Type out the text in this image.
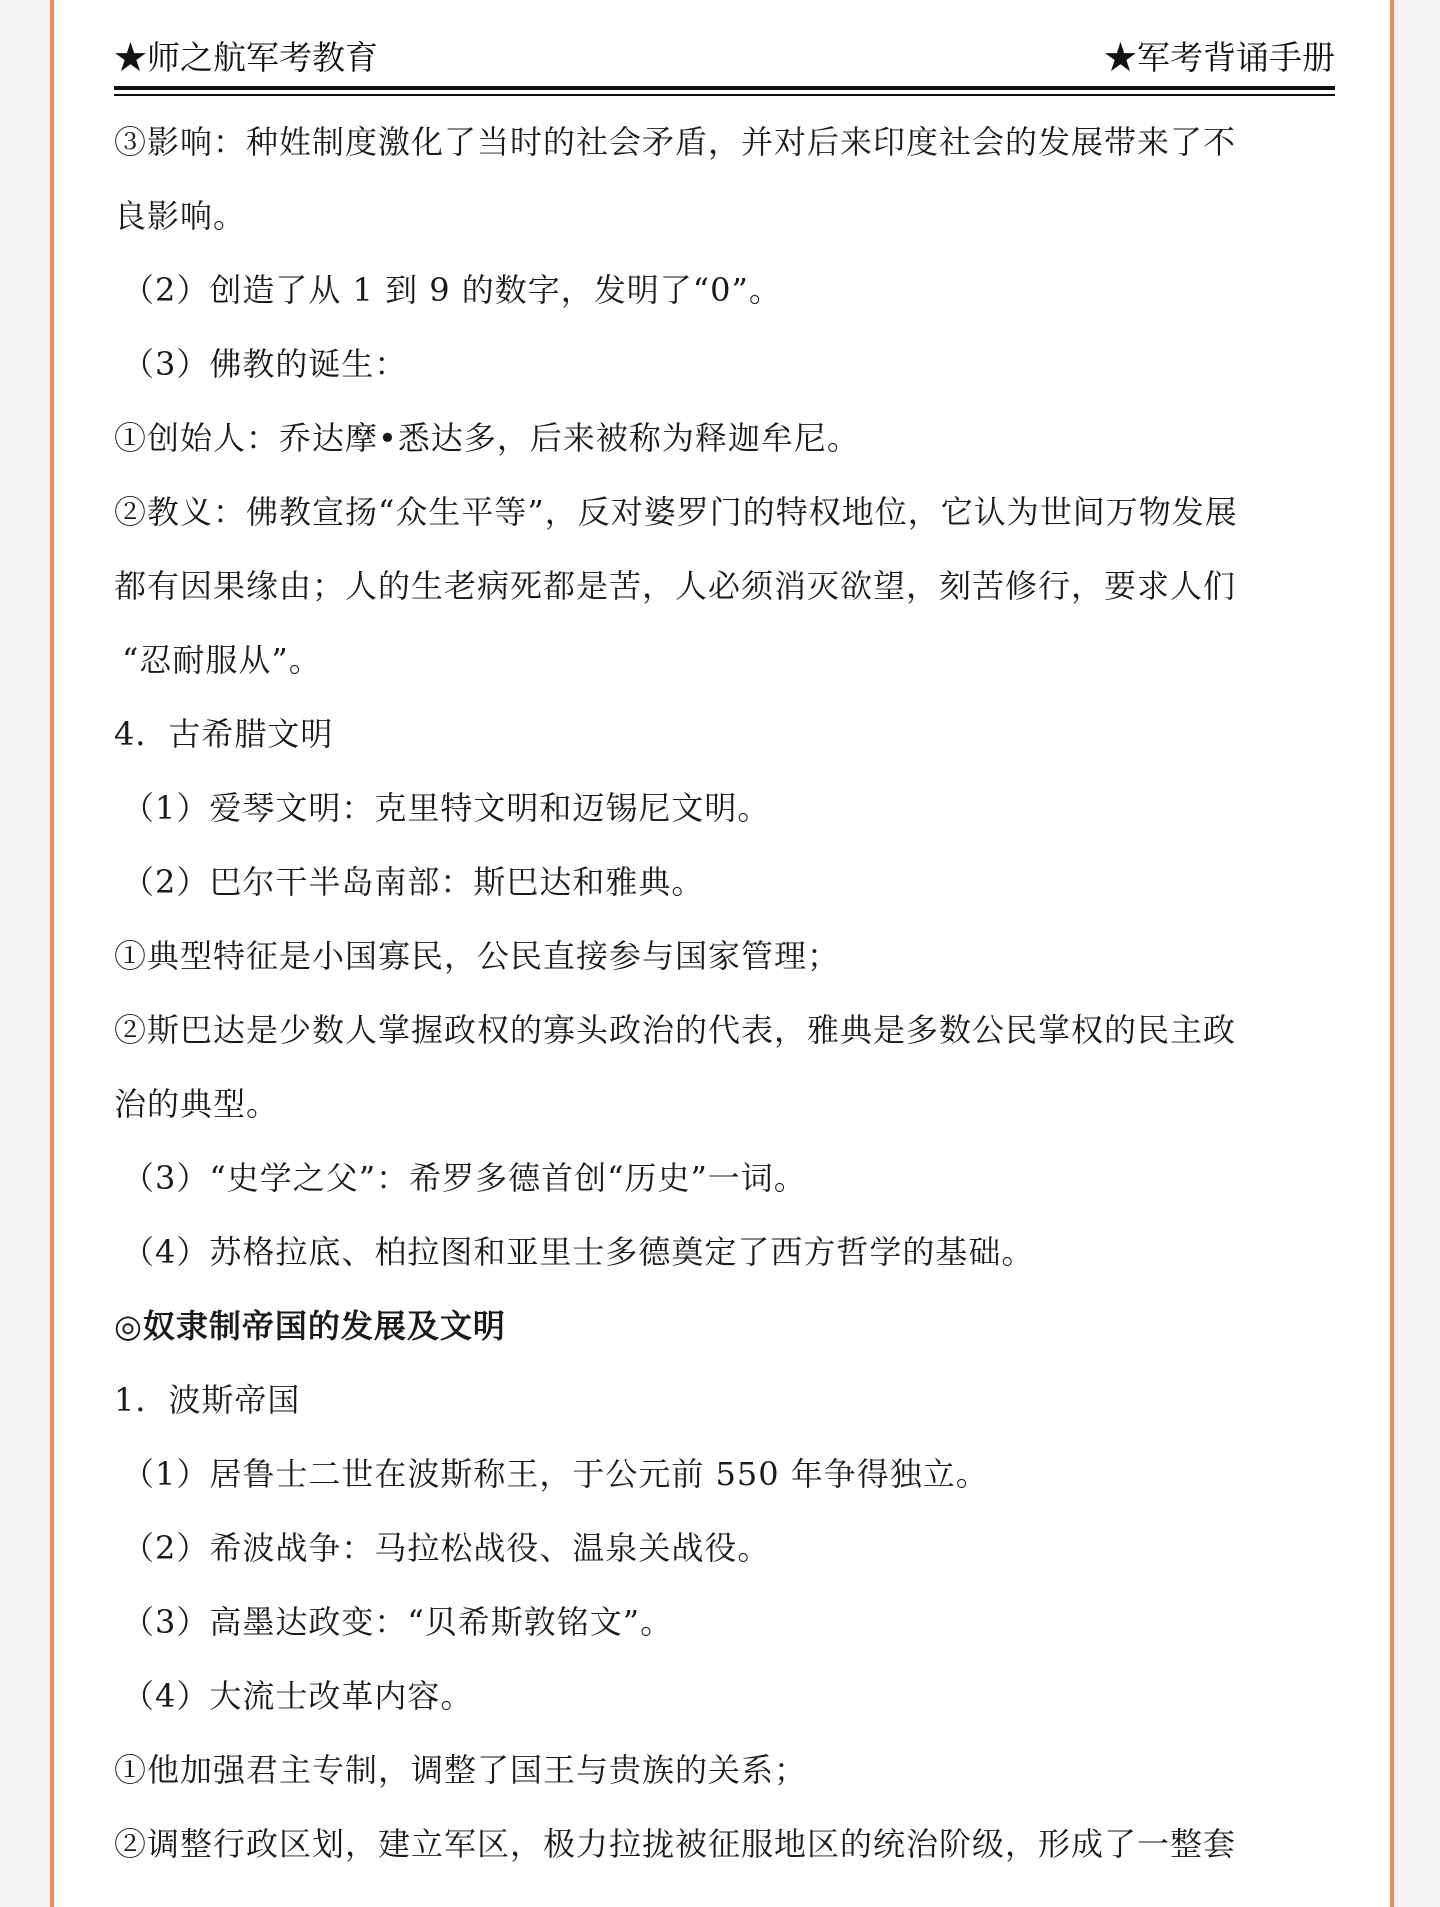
★师之航军考教育	★军考背诵手册
③影响：种姓制度激化了当时的社会矛盾，并对后来印度社会的发展带来了不
良影响。
（2）创造了从 1 到 9 的数字，发明了“0”。
（3）佛教的诞生：
①创始人：乔达摩•悉达多，后来被称为释迦牟尼。
②教义：佛教宣扬“众生平等”，反对婆罗门的特权地位，它认为世间万物发展
都有因果缘由；人的生老病死都是苦，人必须消灭欲望，刻苦修行，要求人们
“忍耐服从”。
4．古希腊文明
（1）爱琴文明：克里特文明和迈锡尼文明。
（2）巴尔干半岛南部：斯巴达和雅典。
①典型特征是小国寡民，公民直接参与国家管理；
②斯巴达是少数人掌握政权的寡头政治的代表，雅典是多数公民掌权的民主政
治的典型。
（3）“史学之父”：希罗多德首创“历史”一词。
（4）苏格拉底、柏拉图和亚里士多德奠定了西方哲学的基础。
◎奴隶制帝国的发展及文明
1．波斯帝国
（1）居鲁士二世在波斯称王，于公元前 550 年争得独立。
（2）希波战争：马拉松战役、温泉关战役。
（3）高墨达政变：“贝希斯敦铭文”。
（4）大流士改革内容。
①他加强君主专制，调整了国王与贵族的关系；
②调整行政区划，建立军区，极力拉拢被征服地区的统治阶级，形成了一整套
